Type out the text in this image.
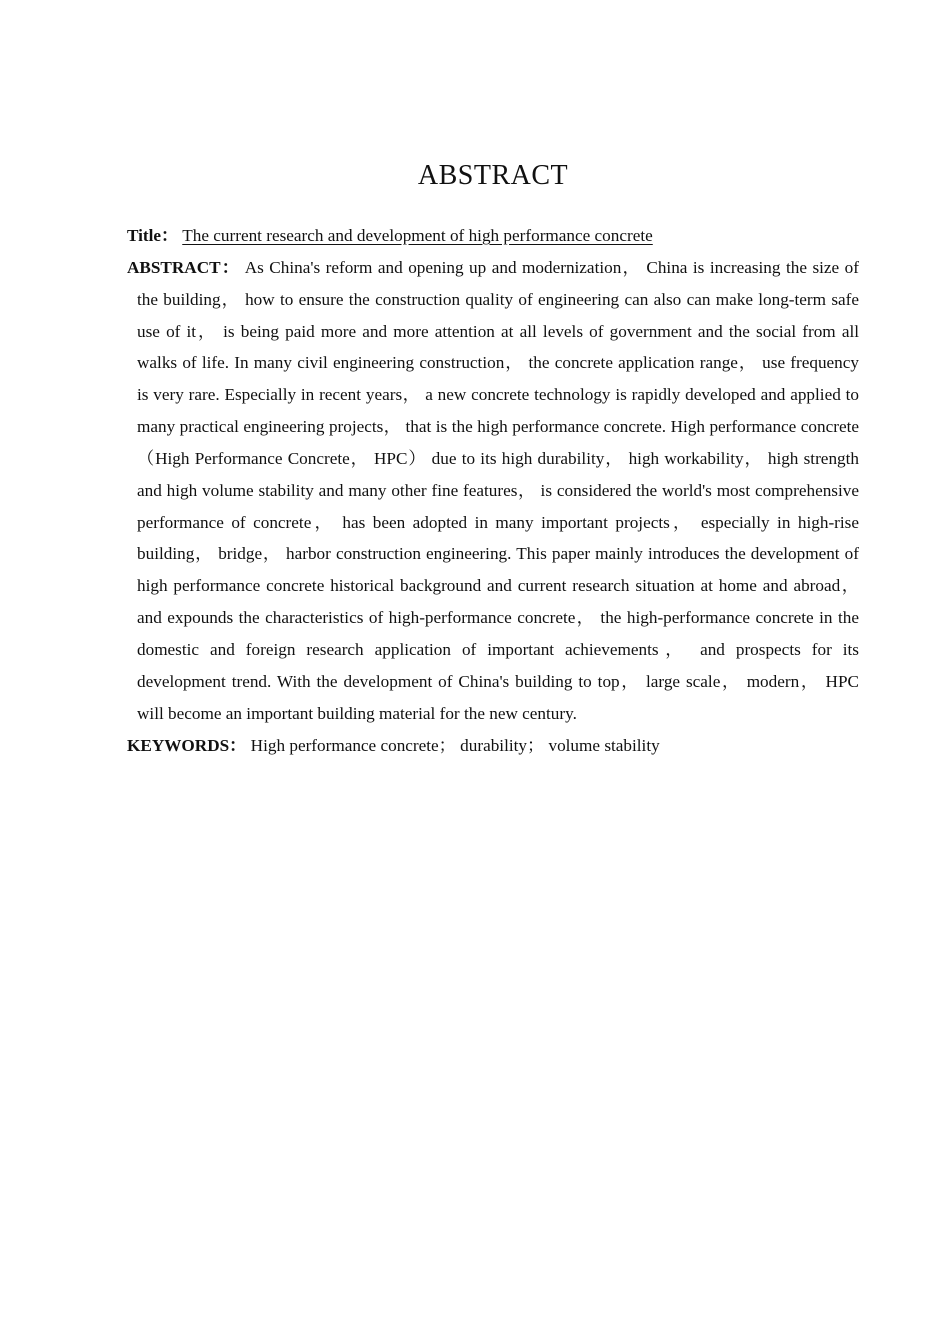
ABSTRACT

Title： The current research and development of high performance concrete

ABSTRACT： As China's reform and opening up and modernization， China is increasing the size of the building， how to ensure the construction quality of engineering can also can make long-term safe use of it， is being paid more and more attention at all levels of government and the social from all walks of life. In many civil engineering construction， the concrete application range， use frequency is very rare. Especially in recent years， a new concrete technology is rapidly developed and applied to many practical engineering projects， that is the high performance concrete. High performance concrete （High Performance Concrete， HPC） due to its high durability， high workability， high strength and high volume stability and many other fine features， is considered the world's most comprehensive performance of concrete， has been adopted in many important projects， especially in high-rise building， bridge， harbor construction engineering. This paper mainly introduces the development of high performance concrete historical background and current research situation at home and abroad， and expounds the characteristics of high-performance concrete， the high-performance concrete in the domestic and foreign research application of important achievements， and prospects for its development trend. With the development of China's building to top， large scale， modern， HPC will become an important building material for the new century.

KEYWORDS： High performance concrete； durability； volume stability
